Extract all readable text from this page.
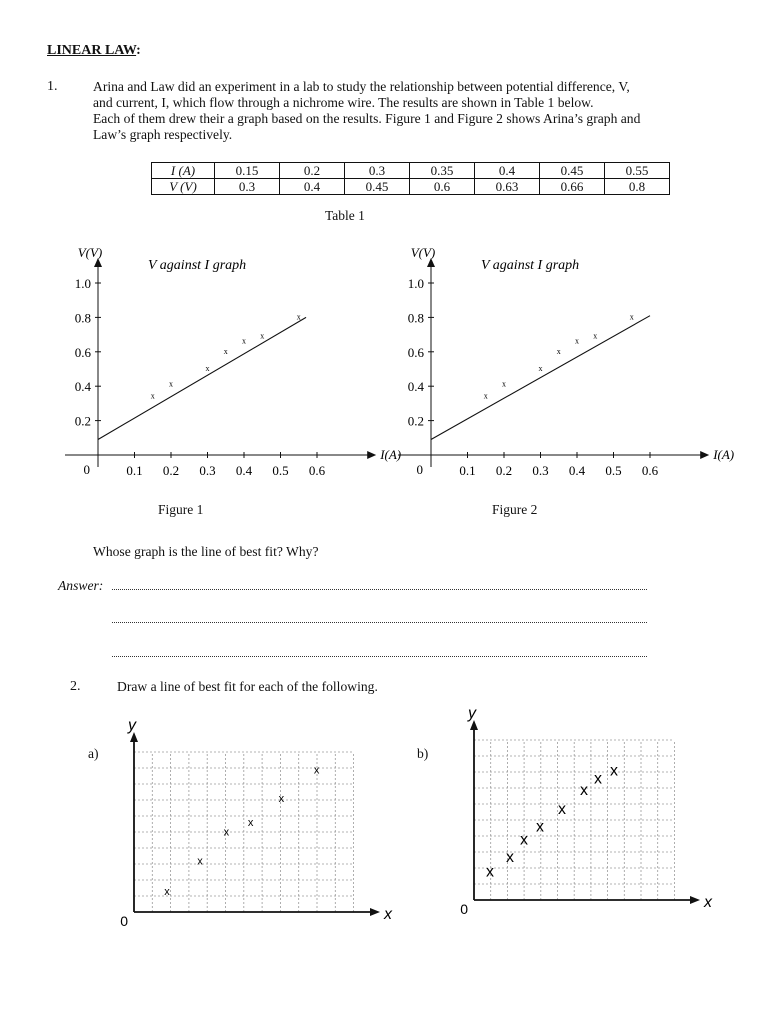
LINEAR LAW:
1.	Arina and Law did an experiment in a lab to study the relationship between potential difference, V,
and current, I, which flow through a nichrome wire. The results are shown in Table 1 below.
Each of them drew their a graph based on the results. Figure 1 and Figure 2 shows Arina’s graph and
Law’s graph respectively.
I (A)	0.15	0.2	0.3	0.35	0.4	0.45	0.55
V (V)	0.3	0.4	0.45	0.6	0.63	0.66	0.8
Table 1
0.1 0.2 0.3 0.4 0.5 0.6
0.2
0.4
0.6
0.8
1.0
0
V(V)
I(A)
V against I graph
x
x
x
x
x
x
x
Figure 1
0.1 0.2 0.3 0.4 0.5 0.6
0.2
0.4
0.6
0.8
1.0
0
V(V)
I(A)
V against I graph
x
x
x
x
x
x
x
Figure 2
Whose graph is the line of best fit? Why?
Answer:
2.	Draw a line of best fit for each of the following.
a)	b)
0	x
y
x
x
x
x
x
x
0	x
y
x
x
x
x
x
x
x x
